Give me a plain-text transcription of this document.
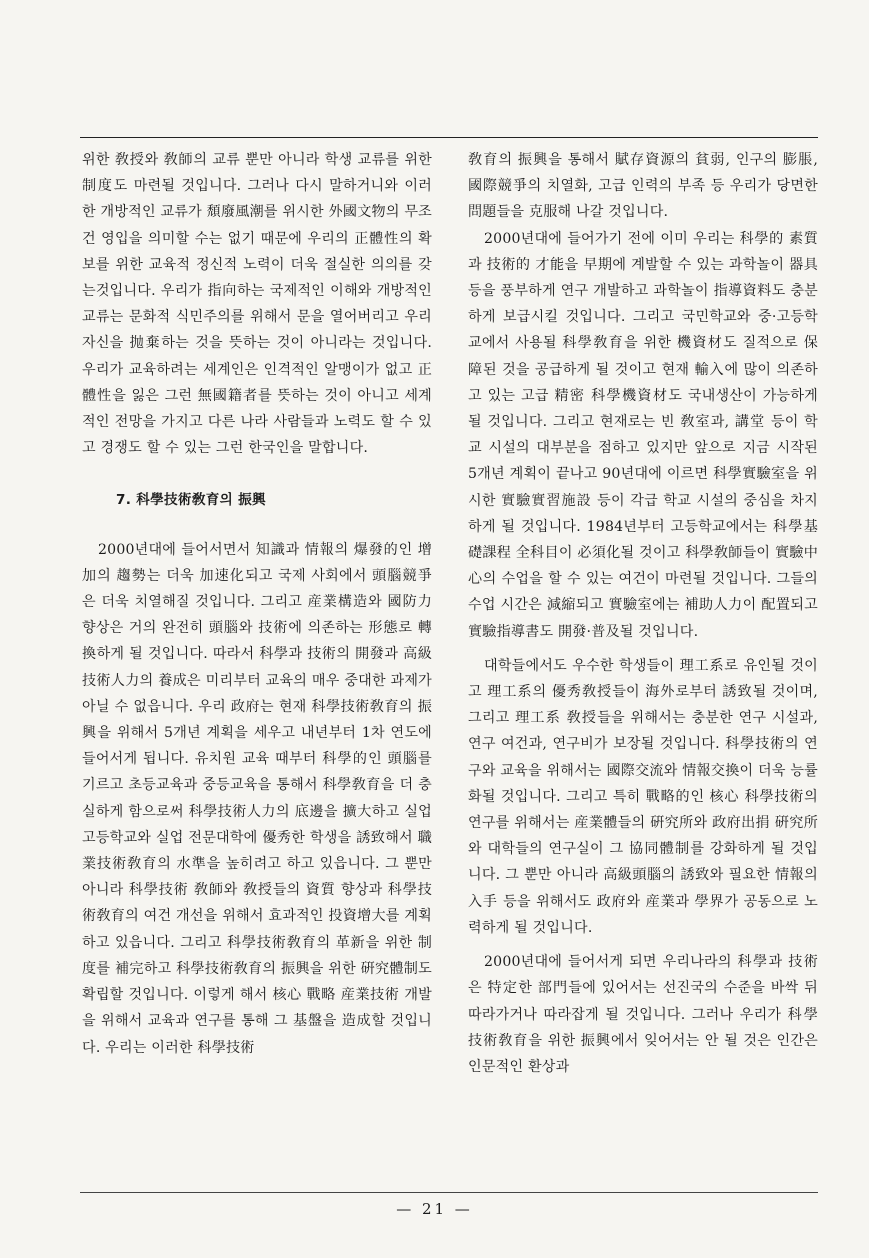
위한 敎授와 敎師의 교류 뿐만 아니라 학생 교류를 위한 制度도 마련될 것입니다. 그러나 다시 말하거니와 이러한 개방적인 교류가 頹廢風潮를 위시한 外國文物의 무조건 영입을 의미할 수는 없기 때문에 우리의 正體性의 확보를 위한 교육적 정신적 노력이 더욱 절실한 의의를 갖는것입니다. 우리가 指向하는 국제적인 이해와 개방적인 교류는 문화적 식민주의를 위해서 문을 열어버리고 우리 자신을 抛棄하는 것을 뜻하는 것이 아니라는 것입니다. 우리가 교육하려는 세계인은 인격적인 알맹이가 없고 正體性을 잃은 그런 無國籍者를 뜻하는 것이 아니고 세계적인 전망을 가지고 다른 나라 사람들과 노력도 할 수 있고 경쟁도 할 수 있는 그런 한국인을 말합니다.

7. 科學技術敎育의 振興

2000년대에 들어서면서 知識과 情報의 爆發的인 增加의 趨勢는 더욱 加速化되고 국제 사회에서 頭腦競爭은 더욱 치열해질 것입니다. 그리고 産業構造와 國防力 향상은 거의 완전히 頭腦와 技術에 의존하는 形態로 轉換하게 될 것입니다. 따라서 科學과 技術의 開發과 高級技術人力의 養成은 미리부터 교육의 매우 중대한 과제가 아닐 수 없읍니다. 우리 政府는 현재 科學技術敎育의 振興을 위해서 5개년 계획을 세우고 내년부터 1차 연도에 들어서게 됩니다. 유치원 교육 때부터 科學的인 頭腦를 기르고 초등교육과 중등교육을 통해서 科學敎育을 더 충실하게 함으로써 科學技術人力의 底邊을 擴大하고 실업 고등학교와 실업 전문대학에 優秀한 학생을 誘致해서 職業技術敎育의 水準을 높히려고 하고 있읍니다. 그 뿐만 아니라 科學技術 敎師와 敎授들의 資質 향상과 科學技術敎育의 여건 개선을 위해서 효과적인 投資增大를 계획하고 있읍니다. 그리고 科學技術敎育의 革新을 위한 制度를 補完하고 科學技術敎育의 振興을 위한 硏究體制도 확립할 것입니다. 이렇게 해서 核心 戰略 産業技術 개발을 위해서 교육과 연구를 통해 그 基盤을 造成할 것입니다. 우리는 이러한 科學技術

敎育의 振興을 통해서 賦存資源의 貧弱, 인구의 膨脹, 國際競爭의 치열화, 고급 인력의 부족 등 우리가 당면한 問題들을 克服해 나갈 것입니다.

2000년대에 들어가기 전에 이미 우리는 科學的 素質과 技術的 才能을 早期에 계발할 수 있는 과학놀이 器具 등을 풍부하게 연구 개발하고 과학놀이 指導資料도 충분하게 보급시킬 것입니다. 그리고 국민학교와 중·고등학교에서 사용될 科學敎育을 위한 機資材도 질적으로 保障된 것을 공급하게 될 것이고 현재 輸入에 많이 의존하고 있는 고급 精密 科學機資材도 국내생산이 가능하게 될 것입니다. 그리고 현재로는 빈 敎室과, 講堂 등이 학교 시설의 대부분을 점하고 있지만 앞으로 지금 시작된 5개년 계획이 끝나고 90년대에 이르면 科學實驗室을 위시한 實驗實習施設 등이 각급 학교 시설의 중심을 차지하게 될 것입니다. 1984년부터 고등학교에서는 科學基礎課程 全科目이 必須化될 것이고 科學敎師들이 實驗中心의 수업을 할 수 있는 여건이 마련될 것입니다. 그들의 수업 시간은 減縮되고 實驗室에는 補助人力이 配置되고 實驗指導書도 開發·普及될 것입니다.

대학들에서도 우수한 학생들이 理工系로 유인될 것이고 理工系의 優秀敎授들이 海外로부터 誘致될 것이며, 그리고 理工系 敎授들을 위해서는 충분한 연구 시설과, 연구 여건과, 연구비가 보장될 것입니다. 科學技術의 연구와 교육을 위해서는 國際交流와 情報交換이 더욱 능률화될 것입니다. 그리고 특히 戰略的인 核心 科學技術의 연구를 위해서는 産業體들의 硏究所와 政府出捐 硏究所와 대학들의 연구실이 그 協同體制를 강화하게 될 것입니다. 그 뿐만 아니라 高級頭腦의 誘致와 필요한 情報의 入手 등을 위해서도 政府와 産業과 學界가 공동으로 노력하게 될 것입니다.

2000년대에 들어서게 되면 우리나라의 科學과 技術은 特定한 部門들에 있어서는 선진국의 수준을 바싹 뒤따라가거나 따라잡게 될 것입니다. 그러나 우리가 科學技術敎育을 위한 振興에서 잊어서는 안 될 것은 인간은 인문적인 환상과

— 21 —
